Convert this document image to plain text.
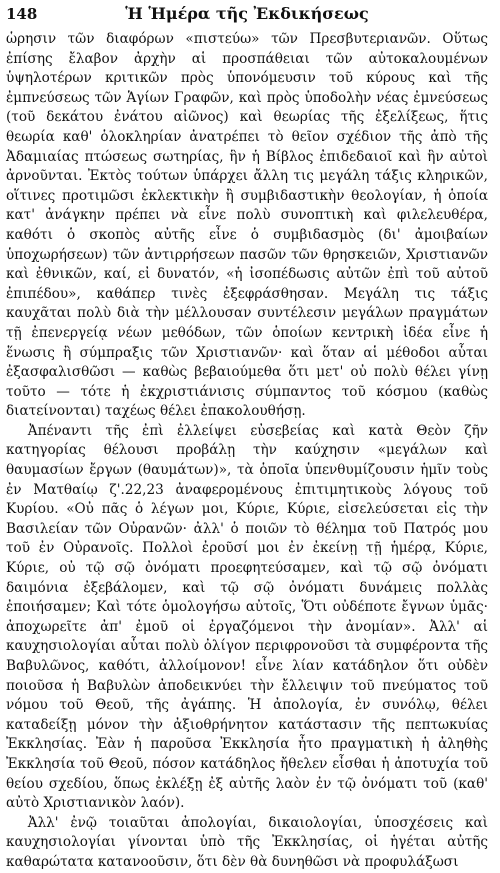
148	Ἡ Ἡμέρα τῆς Ἐκδικήσεως

ὡρησιν τῶν διαφόρων «πιστεύω» τῶν Πρεσβυτεριανῶν. Οὕτως ἐπίσης ἔλαβον ἀρχὴν αἱ προσπάθειαι τῶν αὐτοκαλουμένων ὑψηλοτέρων κριτικῶν πρὸς ὑπονόμευσιν τοῦ κύρους καὶ τῆς ἐμπνεύσεως τῶν Ἁγίων Γραφῶν, καὶ πρὸς ὑποδολὴν νέας ἐμνεύσεως (τοῦ δεκάτου ἐνάτου αἰῶνος) καὶ θεωρίας τῆς ἐξελίξεως, ἥτις θεωρία καθ' ὁλοκληρίαν ἀνατρέπει τὸ θεῖον σχέδιον τῆς ἀπὸ τῆς Ἀδαμιαίας πτώσεως σωτηρίας, ἣν ἡ Βίβλος ἐπιδεδαιοῖ καὶ ἣν αὐτοὶ ἀρνοῦνται. Ἐκτὸς τούτων ὑπάρχει ἄλλη τις μεγάλη τάξις κληρικῶν, οἵτινες προτιμῶσι ἐκλεκτικὴν ἢ συμβιδαστικὴν θεολογίαν, ἡ ὁποία κατ' ἀνάγκην πρέπει νὰ εἶνε πολὺ συνοπτικὴ καὶ φιλελευθέρα, καθότι ὁ σκοπὸς αὐτῆς εἶνε ὁ συμβιδασμὸς (δι' ἀμοιβαίων ὑποχωρήσεων) τῶν ἀντιρρήσεων πασῶν τῶν θρησκειῶν, Χριστιανῶν καὶ ἐθνικῶν, καί, εἰ δυνατόν, «ἡ ἰσοπέδωσις αὐτῶν ἐπὶ τοῦ αὐτοῦ ἐπιπέδου», καθάπερ τινὲς ἐξεφράσθησαν. Μεγάλη τις τάξις καυχᾶται πολὺ διὰ τὴν μέλλουσαν συντέλεσιν μεγάλων πραγμάτων τῇ ἐπενεργείᾳ νέων μεθόδων, τῶν ὁποίων κεντρικὴ ἰδέα εἶνε ἡ ἕνωσις ἢ σύμπραξις τῶν Χριστιανῶν· καὶ ὅταν αἱ μέθοδοι αὗται ἐξασφαλισθῶσι — καθὼς βεβαιούμεθα ὅτι μετ' οὐ πολὺ θέλει γίνῃ τοῦτο — τότε ἡ ἐκχριστιάνισις σύμπαντος τοῦ κόσμου (καθὼς διατείνονται) ταχέως θέλει ἐπακολουθήσῃ.

Ἀπέναντι τῆς ἐπὶ ἐλλείψει εὐσεβείας καὶ κατὰ Θεὸν ζῆν κατηγορίας θέλουσι προβάλῃ τὴν καύχησιν «μεγάλων καὶ θαυμασίων ἔργων (θαυμάτων)», τὰ ὁποῖα ὑπενθυμίζουσιν ἡμῖν τοὺς ἐν Ματθαίῳ ζ'.22,23 ἀναφερομένους ἐπιτιμητικοὺς λόγους τοῦ Κυρίου. «Οὐ πᾶς ὁ λέγων μοι, Κύριε, Κύριε, εἰσελεύσεται εἰς τὴν Βασιλείαν τῶν Οὐρανῶν· ἀλλ' ὁ ποιῶν τὸ θέλημα τοῦ Πατρός μου τοῦ ἐν Οὐρανοῖς. Πολλοὶ ἐροῦσί μοι ἐν ἐκείνῃ τῇ ἡμέρᾳ, Κύριε, Κύριε, οὐ τῷ σῷ ὀνόματι προεφητεύσαμεν, καὶ τῷ σῷ ὀνόματι δαιμόνια ἐξεβάλομεν, καὶ τῷ σῷ ὀνόματι δυνάμεις πολλὰς ἐποιήσαμεν; Καὶ τότε ὁμολογήσω αὐτοῖς, Ὅτι οὐδέποτε ἔγνων ὑμᾶς· ἀποχωρεῖτε ἀπ' ἐμοῦ οἱ ἐργαζόμενοι τὴν ἀνομίαν». Ἀλλ' αἱ καυχησιολογίαι αὗται πολὺ ὀλίγον περιφρονοῦσι τὰ συμφέροντα τῆς Βαβυλῶνος, καθότι, ἀλλοίμονον! εἶνε λίαν κατάδηλον ὅτι οὐδὲν ποιοῦσα ἡ Βαβυλὼν ἀποδεικνύει τὴν ἔλλειψιν τοῦ πνεύματος τοῦ νόμου τοῦ Θεοῦ, τῆς ἀγάπης. Ἡ ἀπολογία, ἐν συνόλῳ, θέλει καταδείξῃ μόνον τὴν ἀξιοθρήνητον κατάστασιν τῆς πεπτωκυίας Ἐκκλησίας. Ἐὰν ἡ παροῦσα Ἐκκλησία ἦτο πραγματικὴ ἡ ἀληθὴς Ἐκκλησία τοῦ Θεοῦ, πόσον κατάδηλος ἤθελεν εἶσθαι ἡ ἀποτυχία τοῦ θείου σχεδίου, ὅπως ἐκλέξῃ ἐξ αὐτῆς λαὸν ἐν τῷ ὀνόματι τοῦ (καθ' αὐτὸ Χριστιανικὸν λαόν).

Ἀλλ' ἐνῷ τοιαῦται ἀπολογίαι, δικαιολογίαι, ὑποσχέσεις καὶ καυχησιολογίαι γίνονται ὑπὸ τῆς Ἐκκλησίας, οἱ ἡγέται αὐτῆς καθαρώτατα κατανοοῦσιν, ὅτι δὲν θὰ δυνηθῶσι νὰ προφυλάξωσι
